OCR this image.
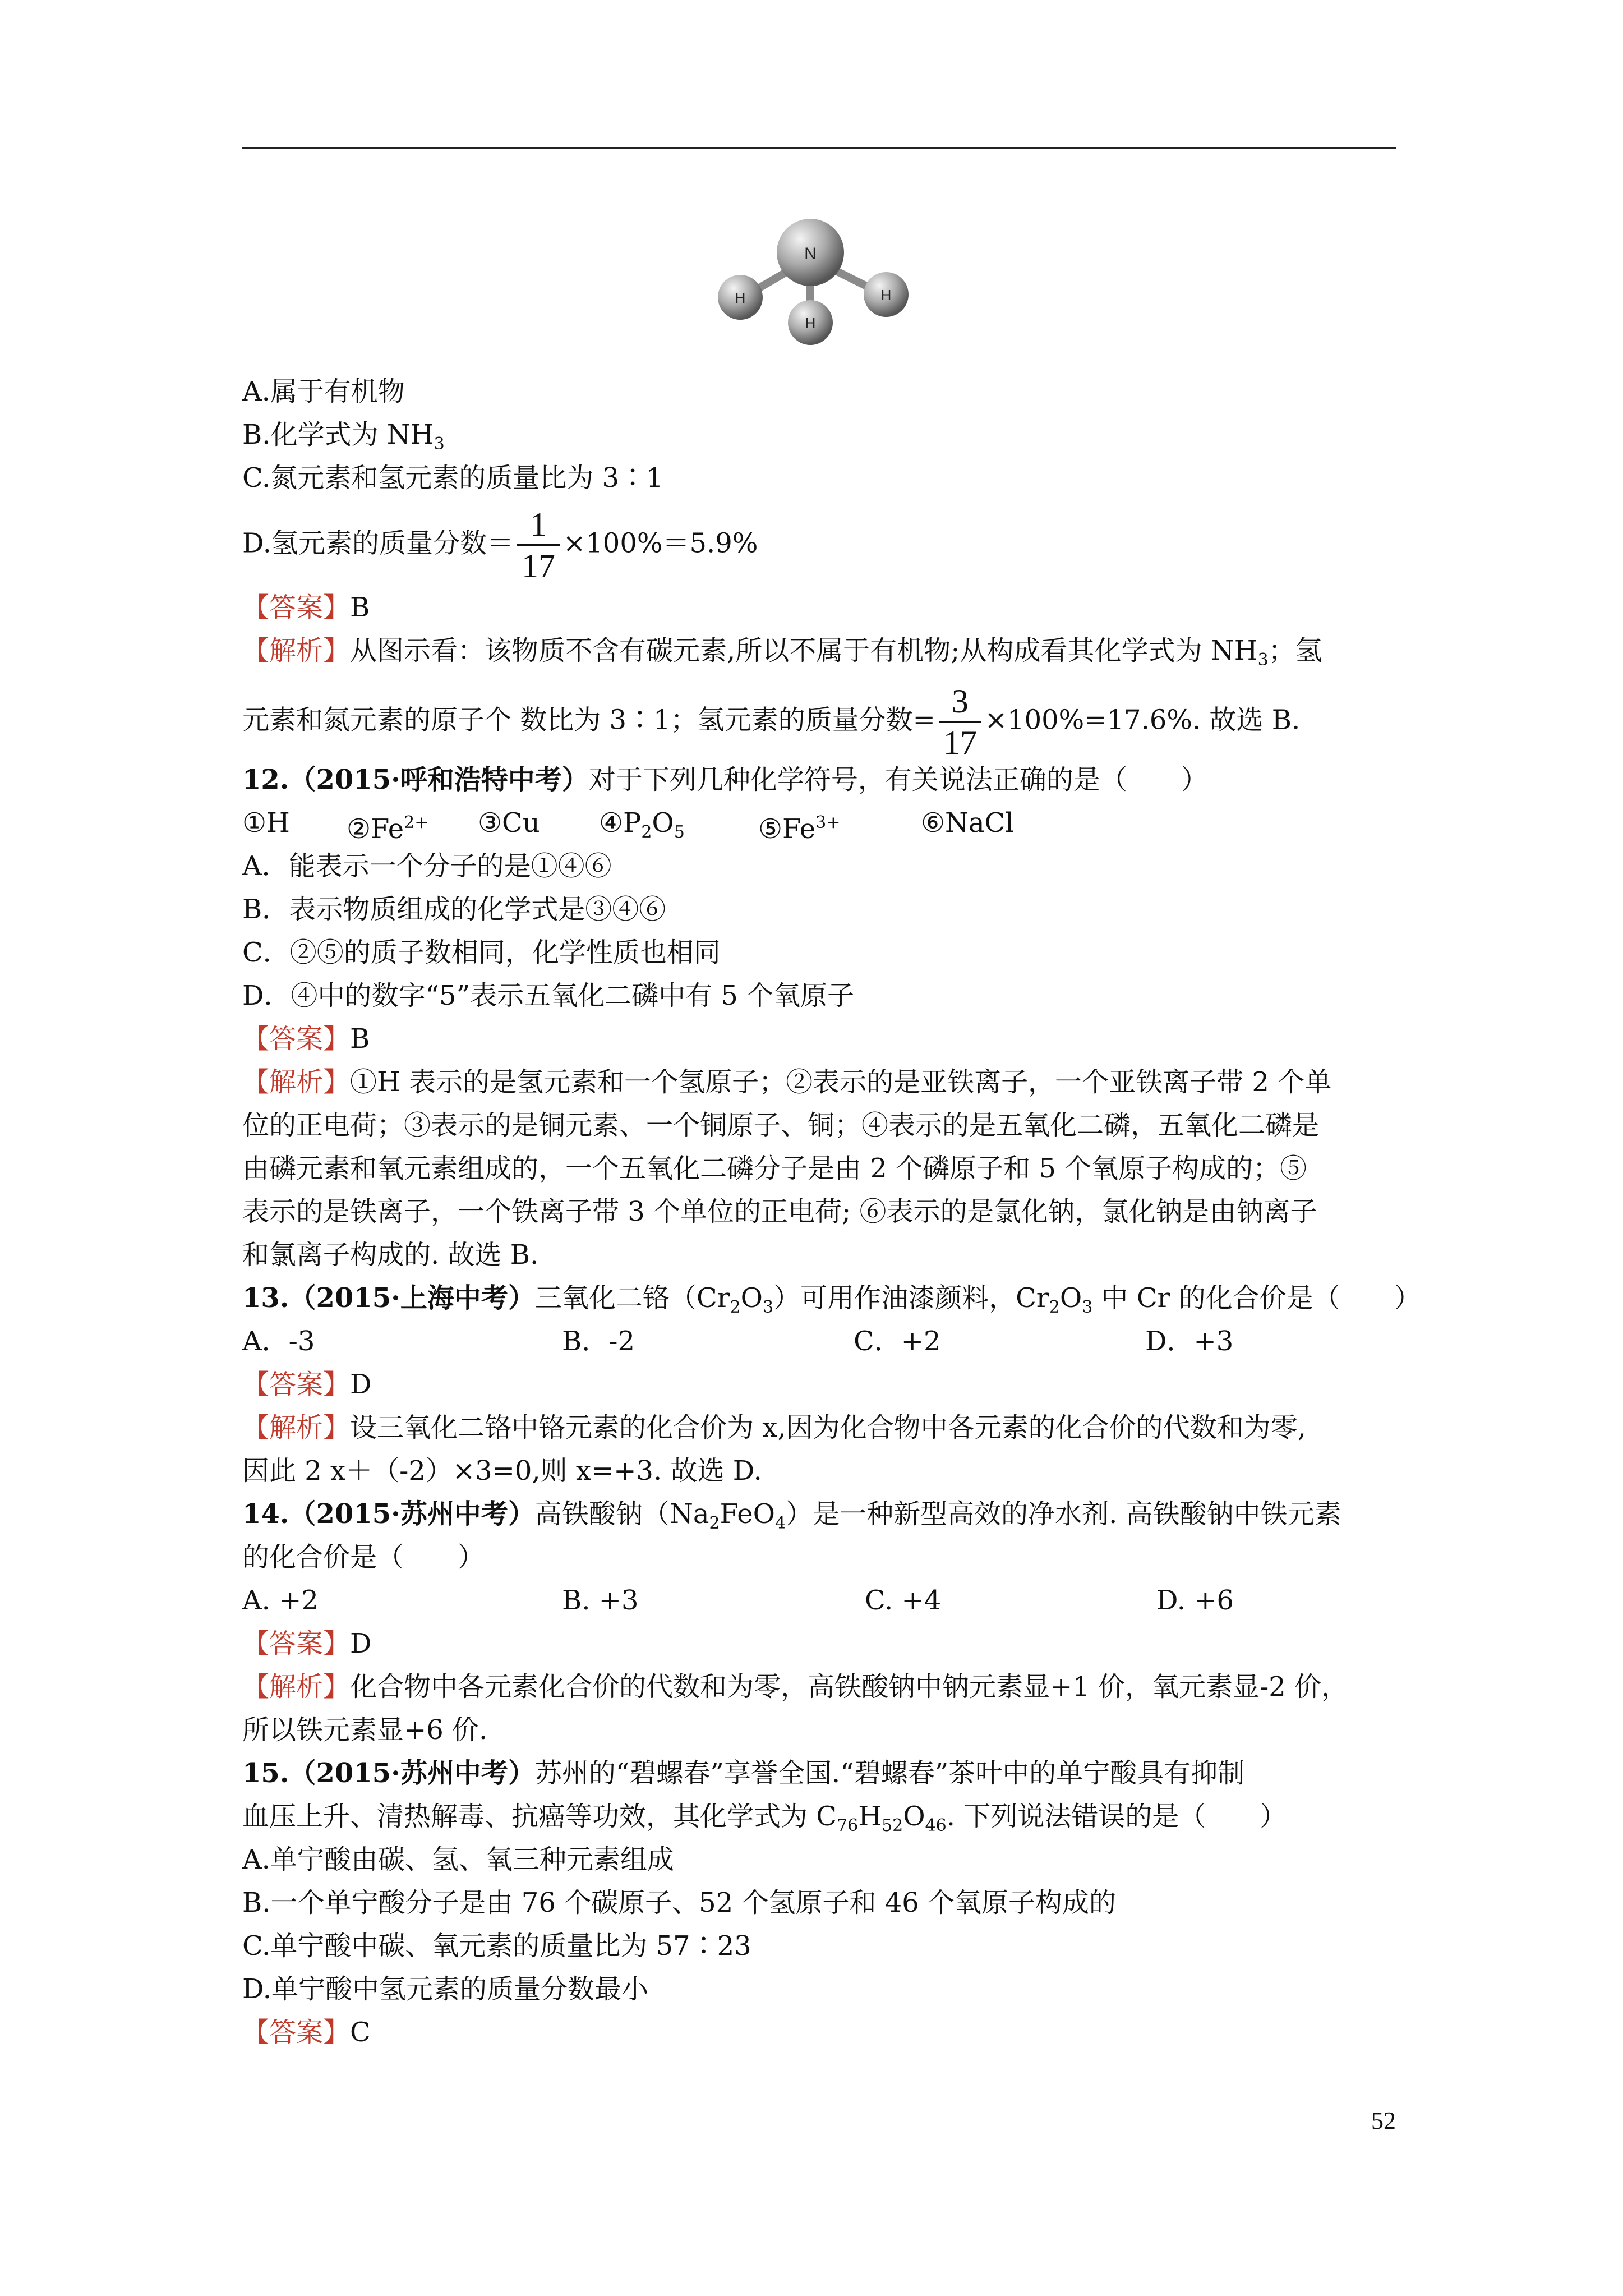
N
H
H
H
A.属于有机物
B.化学式为 $NH_3$
C.氮元素和氢元素的质量比为 3∶1
D.氢元素的质量分数＝ $\frac{1}{17} \times 100\%=5.9\%$
【答案】B
【解析】从图示看：该物质不含有碳元素,所以不属于有机物;从构成看其化学式为 $NH_3$；氢
元素和氮元素的原子个 数比为 3∶1；氢元素的质量分数= $\frac{3}{17} \times 100\%=17.6\%$. 故选 B.
12.（2015·呼和浩特中考）对于下列几种化学符号，有关说法正确的是（　　）
①H $②Fe^{2+}$ ③Cu $④P_2O_5$	$⑤Fe^{3+}$	⑥NaCl
A．能表示一个分子的是①④⑥
B．表示物质组成的化学式是③④⑥
C．②⑤的质子数相同，化学性质也相同
D．④中的数字“5”表示五氧化二磷中有 5 个氧原子
【答案】B
【解析】①H 表示的是氢元素和一个氢原子；②表示的是亚铁离子，一个亚铁离子带 2 个单
位的正电荷；③表示的是铜元素、一个铜原子、铜；④表示的是五氧化二磷，五氧化二磷是
由磷元素和氧元素组成的，一个五氧化二磷分子是由 2 个磷原子和 5 个氧原子构成的；⑤
表示的是铁离子，一个铁离子带 3 个单位的正电荷; ⑥表示的是氯化钠，氯化钠是由钠离子
和氯离子构成的. 故选 B.
13.（2015·上海中考）三氧化二铬$(Cr_2O_3)$可用作油漆颜料，$Cr_2O_3$ 中 Cr 的化合价是（　　）
A．-3	B．-2	C．+2	D．+3
【答案】D
【解析】设三氧化二铬中铬元素的化合价为 x,因为化合物中各元素的化合价的代数和为零,
因此 2 x＋（-2）×3=0,则 x=+3. 故选 D.
14.（2015·苏州中考）高铁酸钠$(Na_2FeO_4)$是一种新型高效的净水剂. 高铁酸钠中铁元素
的化合价是（　　）
A. +2	B. +3	C. +4	D. +6
【答案】D
【解析】化合物中各元素化合价的代数和为零，高铁酸钠中钠元素显+1 价，氧元素显-2 价，
所以铁元素显+6 价.
15.（2015·苏州中考）苏州的“碧螺春”享誉全国.“碧螺春”茶叶中的单宁酸具有抑制
血压上升、清热解毒、抗癌等功效，其化学式为 $C_{76}H_{52}O_{46}$. 下列说法错误的是（　　）
A.单宁酸由碳、氢、氧三种元素组成
B.一个单宁酸分子是由 76 个碳原子、52 个氢原子和 46 个氧原子构成的
C.单宁酸中碳、氧元素的质量比为 57∶23
D.单宁酸中氢元素的质量分数最小
【答案】C
52
